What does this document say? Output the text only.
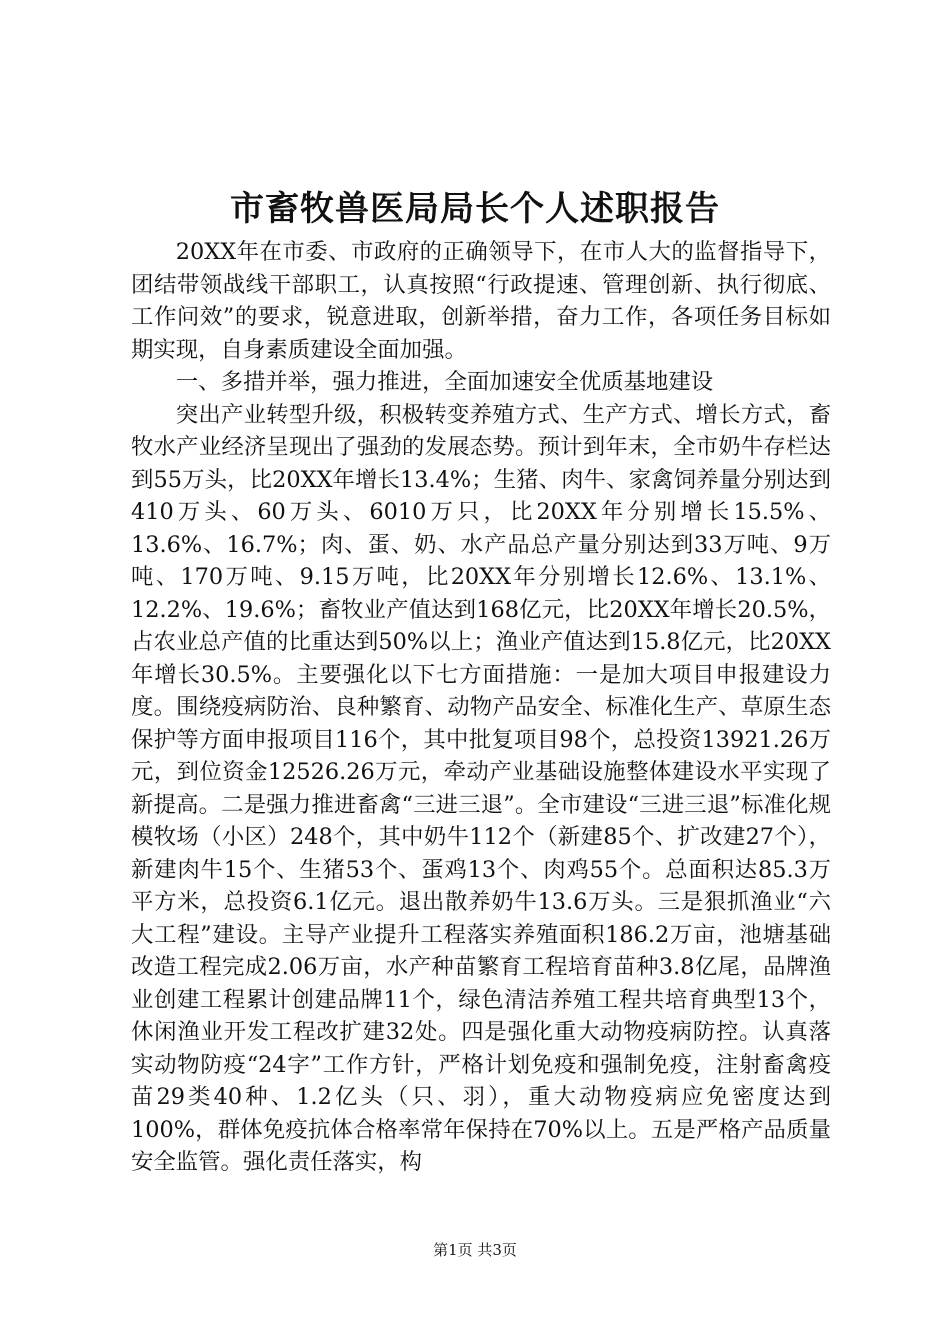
市畜牧兽医局局长个人述职报告

20XX年在市委、市政府的正确领导下，在市人大的监督指导下，团结带领战线干部职工，认真按照“行政提速、管理创新、执行彻底、工作问效”的要求，锐意进取，创新举措，奋力工作，各项任务目标如期实现，自身素质建设全面加强。

一、多措并举，强力推进，全面加速安全优质基地建设

突出产业转型升级，积极转变养殖方式、生产方式、增长方式，畜牧水产业经济呈现出了强劲的发展态势。预计到年末，全市奶牛存栏达到55万头，比20XX年增长13.4%；生猪、肉牛、家禽饲养量分别达到410万头、60万头、6010万只，比20XX年分别增长15.5%、13.6%、16.7%；肉、蛋、奶、水产品总产量分别达到33万吨、9万吨、170万吨、9.15万吨，比20XX年分别增长12.6%、13.1%、12.2%、19.6%；畜牧业产值达到168亿元，比20XX年增长20.5%，占农业总产值的比重达到50%以上；渔业产值达到15.8亿元，比20XX年增长30.5%。主要强化以下七方面措施：一是加大项目申报建设力度。围绕疫病防治、良种繁育、动物产品安全、标准化生产、草原生态保护等方面申报项目116个，其中批复项目98个，总投资13921.26万元，到位资金12526.26万元，牵动产业基础设施整体建设水平实现了新提高。二是强力推进畜禽“三进三退”。全市建设“三进三退”标准化规模牧场（小区）248个，其中奶牛112个（新建85个、扩改建27个），新建肉牛15个、生猪53个、蛋鸡13个、肉鸡55个。总面积达85.3万平方米，总投资6.1亿元。退出散养奶牛13.6万头。三是狠抓渔业“六大工程”建设。主导产业提升工程落实养殖面积186.2万亩，池塘基础改造工程完成2.06万亩，水产种苗繁育工程培育苗种3.8亿尾，品牌渔业创建工程累计创建品牌11个，绿色清洁养殖工程共培育典型13个，休闲渔业开发工程改扩建32处。四是强化重大动物疫病防控。认真落实动物防疫“24字”工作方针，严格计划免疫和强制免疫，注射畜禽疫苗29类40种、1.2亿头（只、羽），重大动物疫病应免密度达到100%，群体免疫抗体合格率常年保持在70%以上。五是严格产品质量安全监管。强化责任落实，构

第1页 共3页
